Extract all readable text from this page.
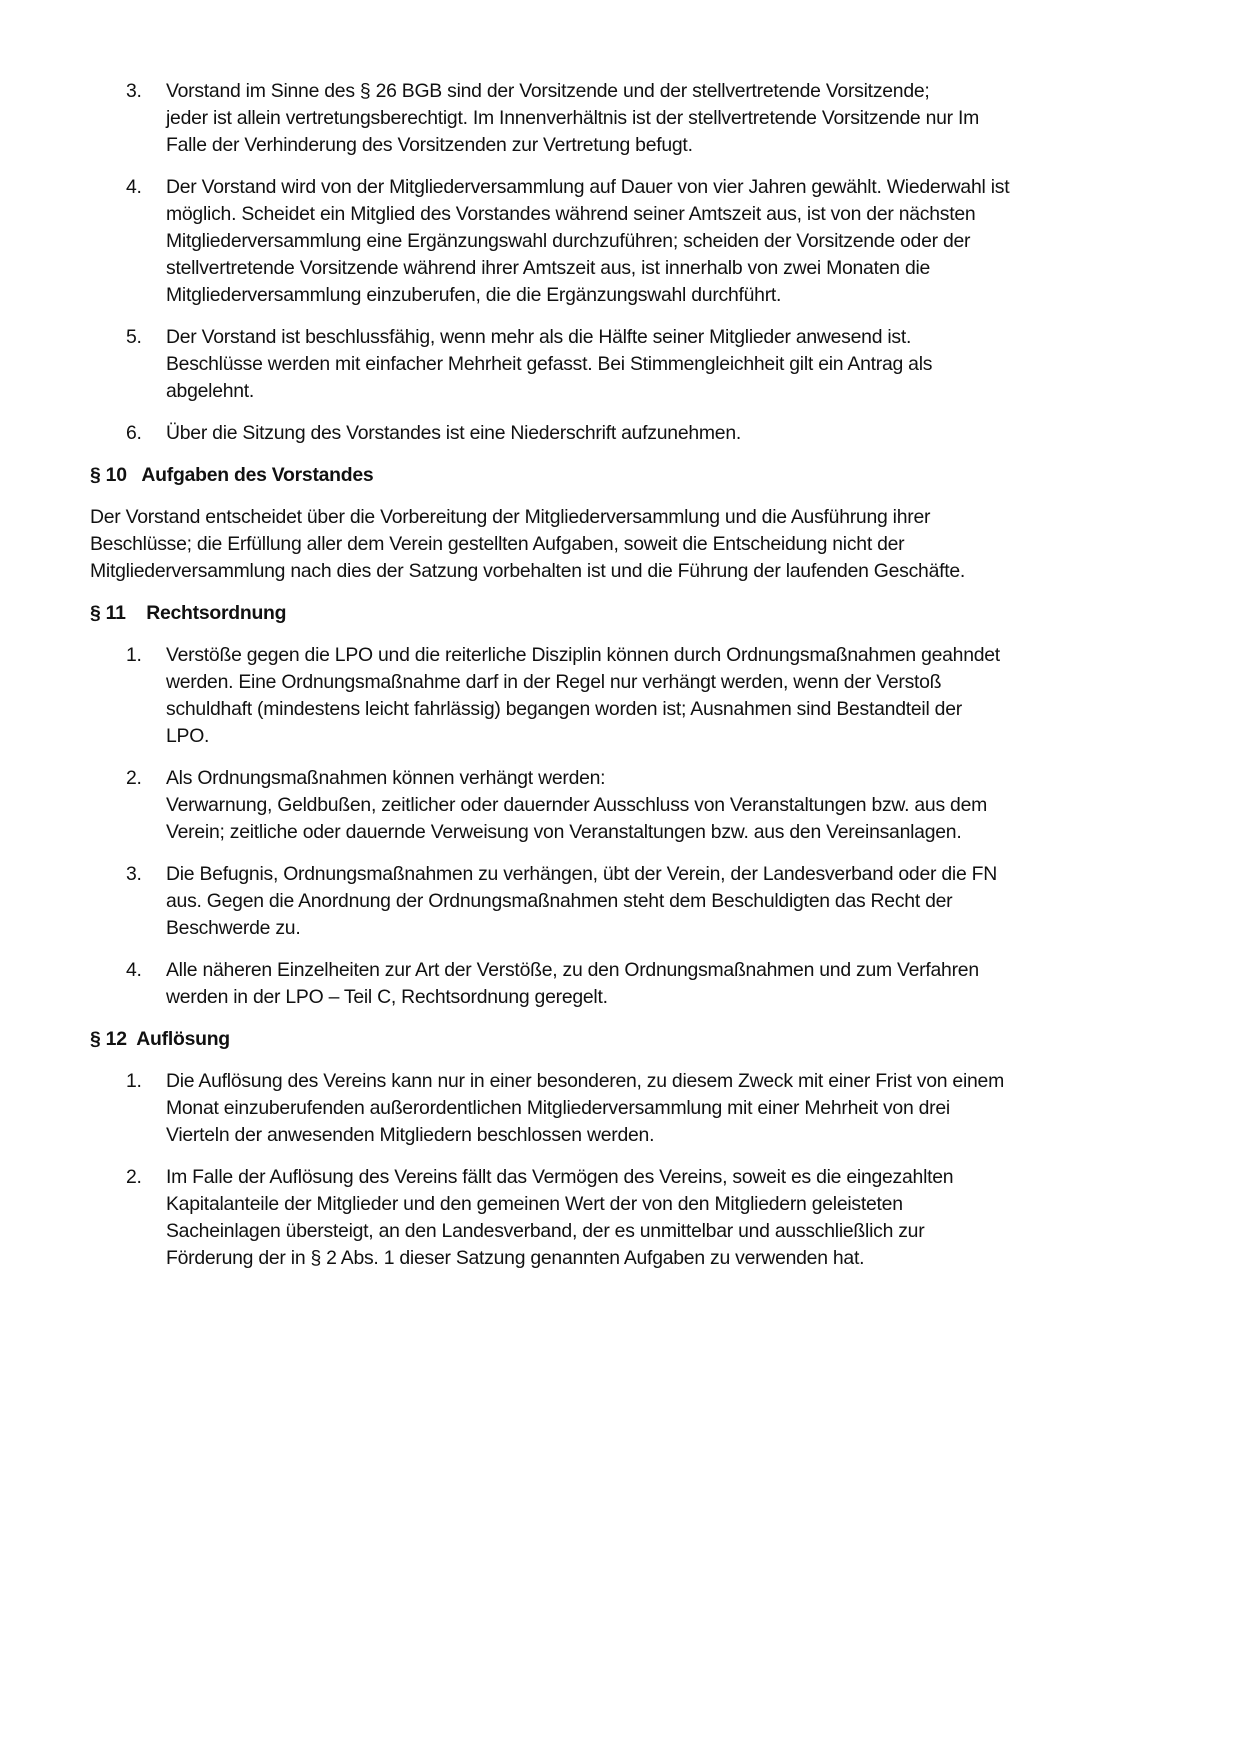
3.	Vorstand im Sinne des § 26 BGB sind der Vorsitzende und der stellvertretende Vorsitzende;
jeder ist allein vertretungsberechtigt. Im Innenverhältnis ist der stellvertretende Vorsitzende nur Im
Falle der Verhinderung des Vorsitzenden zur Vertretung befugt.
4.	Der Vorstand wird von der Mitgliederversammlung auf Dauer von vier Jahren gewählt. Wiederwahl ist
möglich. Scheidet ein Mitglied des Vorstandes während seiner Amtszeit aus, ist von der nächsten
Mitgliederversammlung eine Ergänzungswahl durchzuführen; scheiden der Vorsitzende oder der
stellvertretende Vorsitzende während ihrer Amtszeit aus, ist innerhalb von zwei Monaten die
Mitgliederversammlung einzuberufen, die die Ergänzungswahl durchführt.
5.	Der Vorstand ist beschlussfähig, wenn mehr als die Hälfte seiner Mitglieder anwesend ist.
Beschlüsse werden mit einfacher Mehrheit gefasst. Bei Stimmengleichheit gilt ein Antrag als
abgelehnt.
6.	Über die Sitzung des Vorstandes ist eine Niederschrift aufzunehmen.
§ 10   Aufgaben des Vorstandes
Der Vorstand entscheidet über die Vorbereitung der Mitgliederversammlung und die Ausführung ihrer
Beschlüsse; die Erfüllung aller dem Verein gestellten Aufgaben, soweit die Entscheidung nicht der
Mitgliederversammlung nach dies der Satzung vorbehalten ist und die Führung der laufenden Geschäfte.
§ 11    Rechtsordnung
1.	Verstöße gegen die LPO und die reiterliche Disziplin können durch Ordnungsmaßnahmen geahndet
werden. Eine Ordnungsmaßnahme darf in der Regel nur verhängt werden, wenn der Verstoß
schuldhaft (mindestens leicht fahrlässig) begangen worden ist; Ausnahmen sind Bestandteil der
LPO.
2.	Als Ordnungsmaßnahmen können verhängt werden:
Verwarnung, Geldbußen, zeitlicher oder dauernder Ausschluss von Veranstaltungen bzw. aus dem
Verein; zeitliche oder dauernde Verweisung von Veranstaltungen bzw. aus den Vereinsanlagen.
3.	Die Befugnis, Ordnungsmaßnahmen zu verhängen, übt der Verein, der Landesverband oder die FN
aus. Gegen die Anordnung der Ordnungsmaßnahmen steht dem Beschuldigten das Recht der
Beschwerde zu.
4.	Alle näheren Einzelheiten zur Art der Verstöße, zu den Ordnungsmaßnahmen und zum Verfahren
werden in der LPO – Teil C, Rechtsordnung geregelt.
§ 12  Auflösung
1.	Die Auflösung des Vereins kann nur in einer besonderen, zu diesem Zweck mit einer Frist von einem
Monat einzuberufenden außerordentlichen Mitgliederversammlung mit einer Mehrheit von drei
Vierteln der anwesenden Mitgliedern beschlossen werden.
2.	Im Falle der Auflösung des Vereins fällt das Vermögen des Vereins, soweit es die eingezahlten
Kapitalanteile der Mitglieder und den gemeinen Wert der von den Mitgliedern geleisteten
Sacheinlagen übersteigt, an den Landesverband, der es unmittelbar und ausschließlich zur
Förderung der in § 2 Abs. 1 dieser Satzung genannten Aufgaben zu verwenden hat.
